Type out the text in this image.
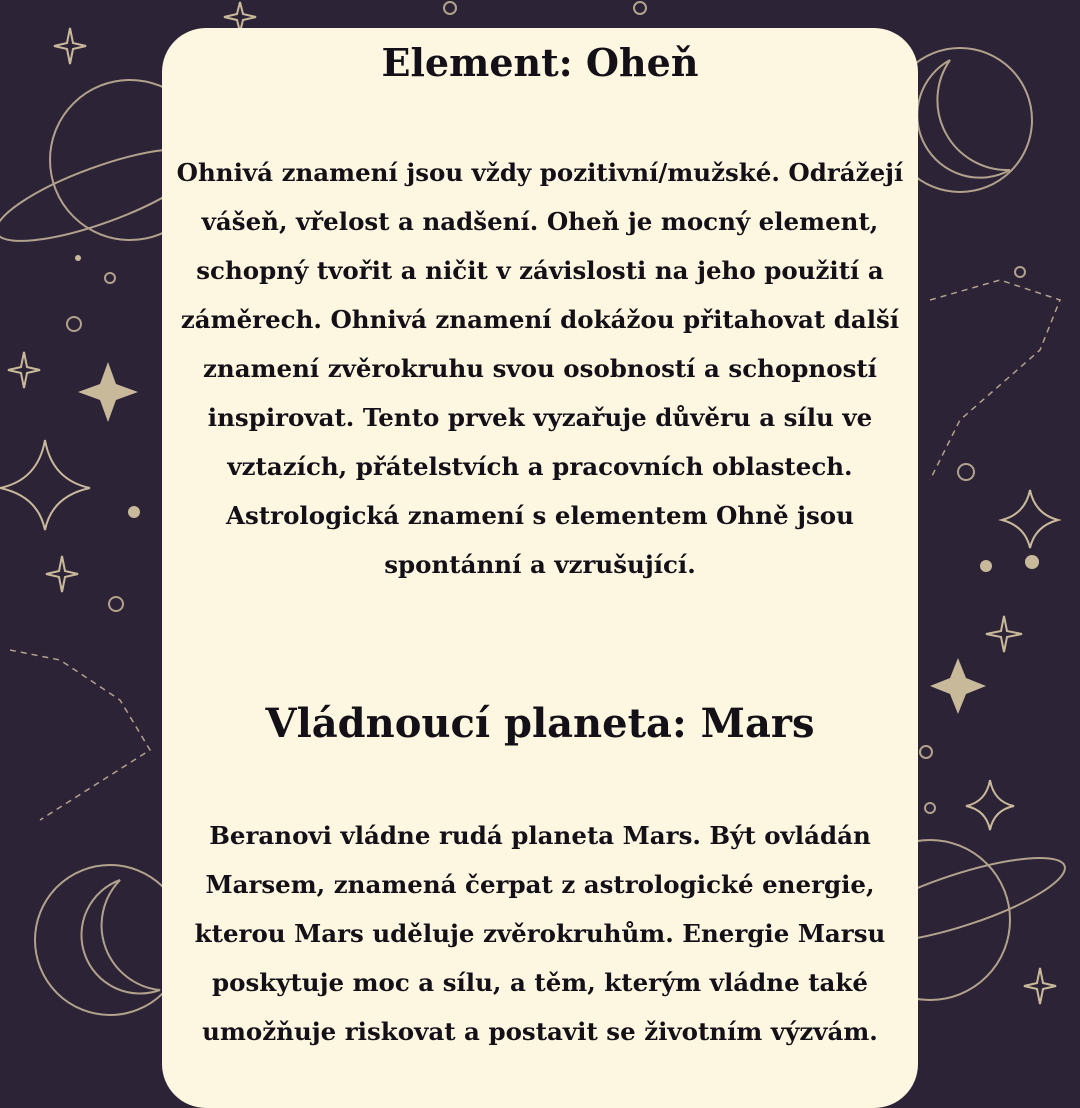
Element: Oheň

Ohnivá znamení jsou vždy pozitivní/mužské. Odrážejí vášeň, vřelost a nadšení. Oheň je mocný element, schopný tvořit a ničit v závislosti na jeho použití a záměrech. Ohnivá znamení dokážou přitahovat další znamení zvěrokruhu svou osobností a schopností inspirovat. Tento prvek vyzařuje důvěru a sílu ve vztazích, přátelstvích a pracovních oblastech. Astrologická znamení s elementem Ohně jsou spontánní a vzrušující.

Vládnoucí planeta: Mars

Beranovi vládne rudá planeta Mars. Být ovládán Marsem, znamená čerpat z astrologické energie, kterou Mars uděluje zvěrokruhům. Energie Marsu poskytuje moc a sílu, a těm, kterým vládne také umožňuje riskovat a postavit se životním výzvám.
